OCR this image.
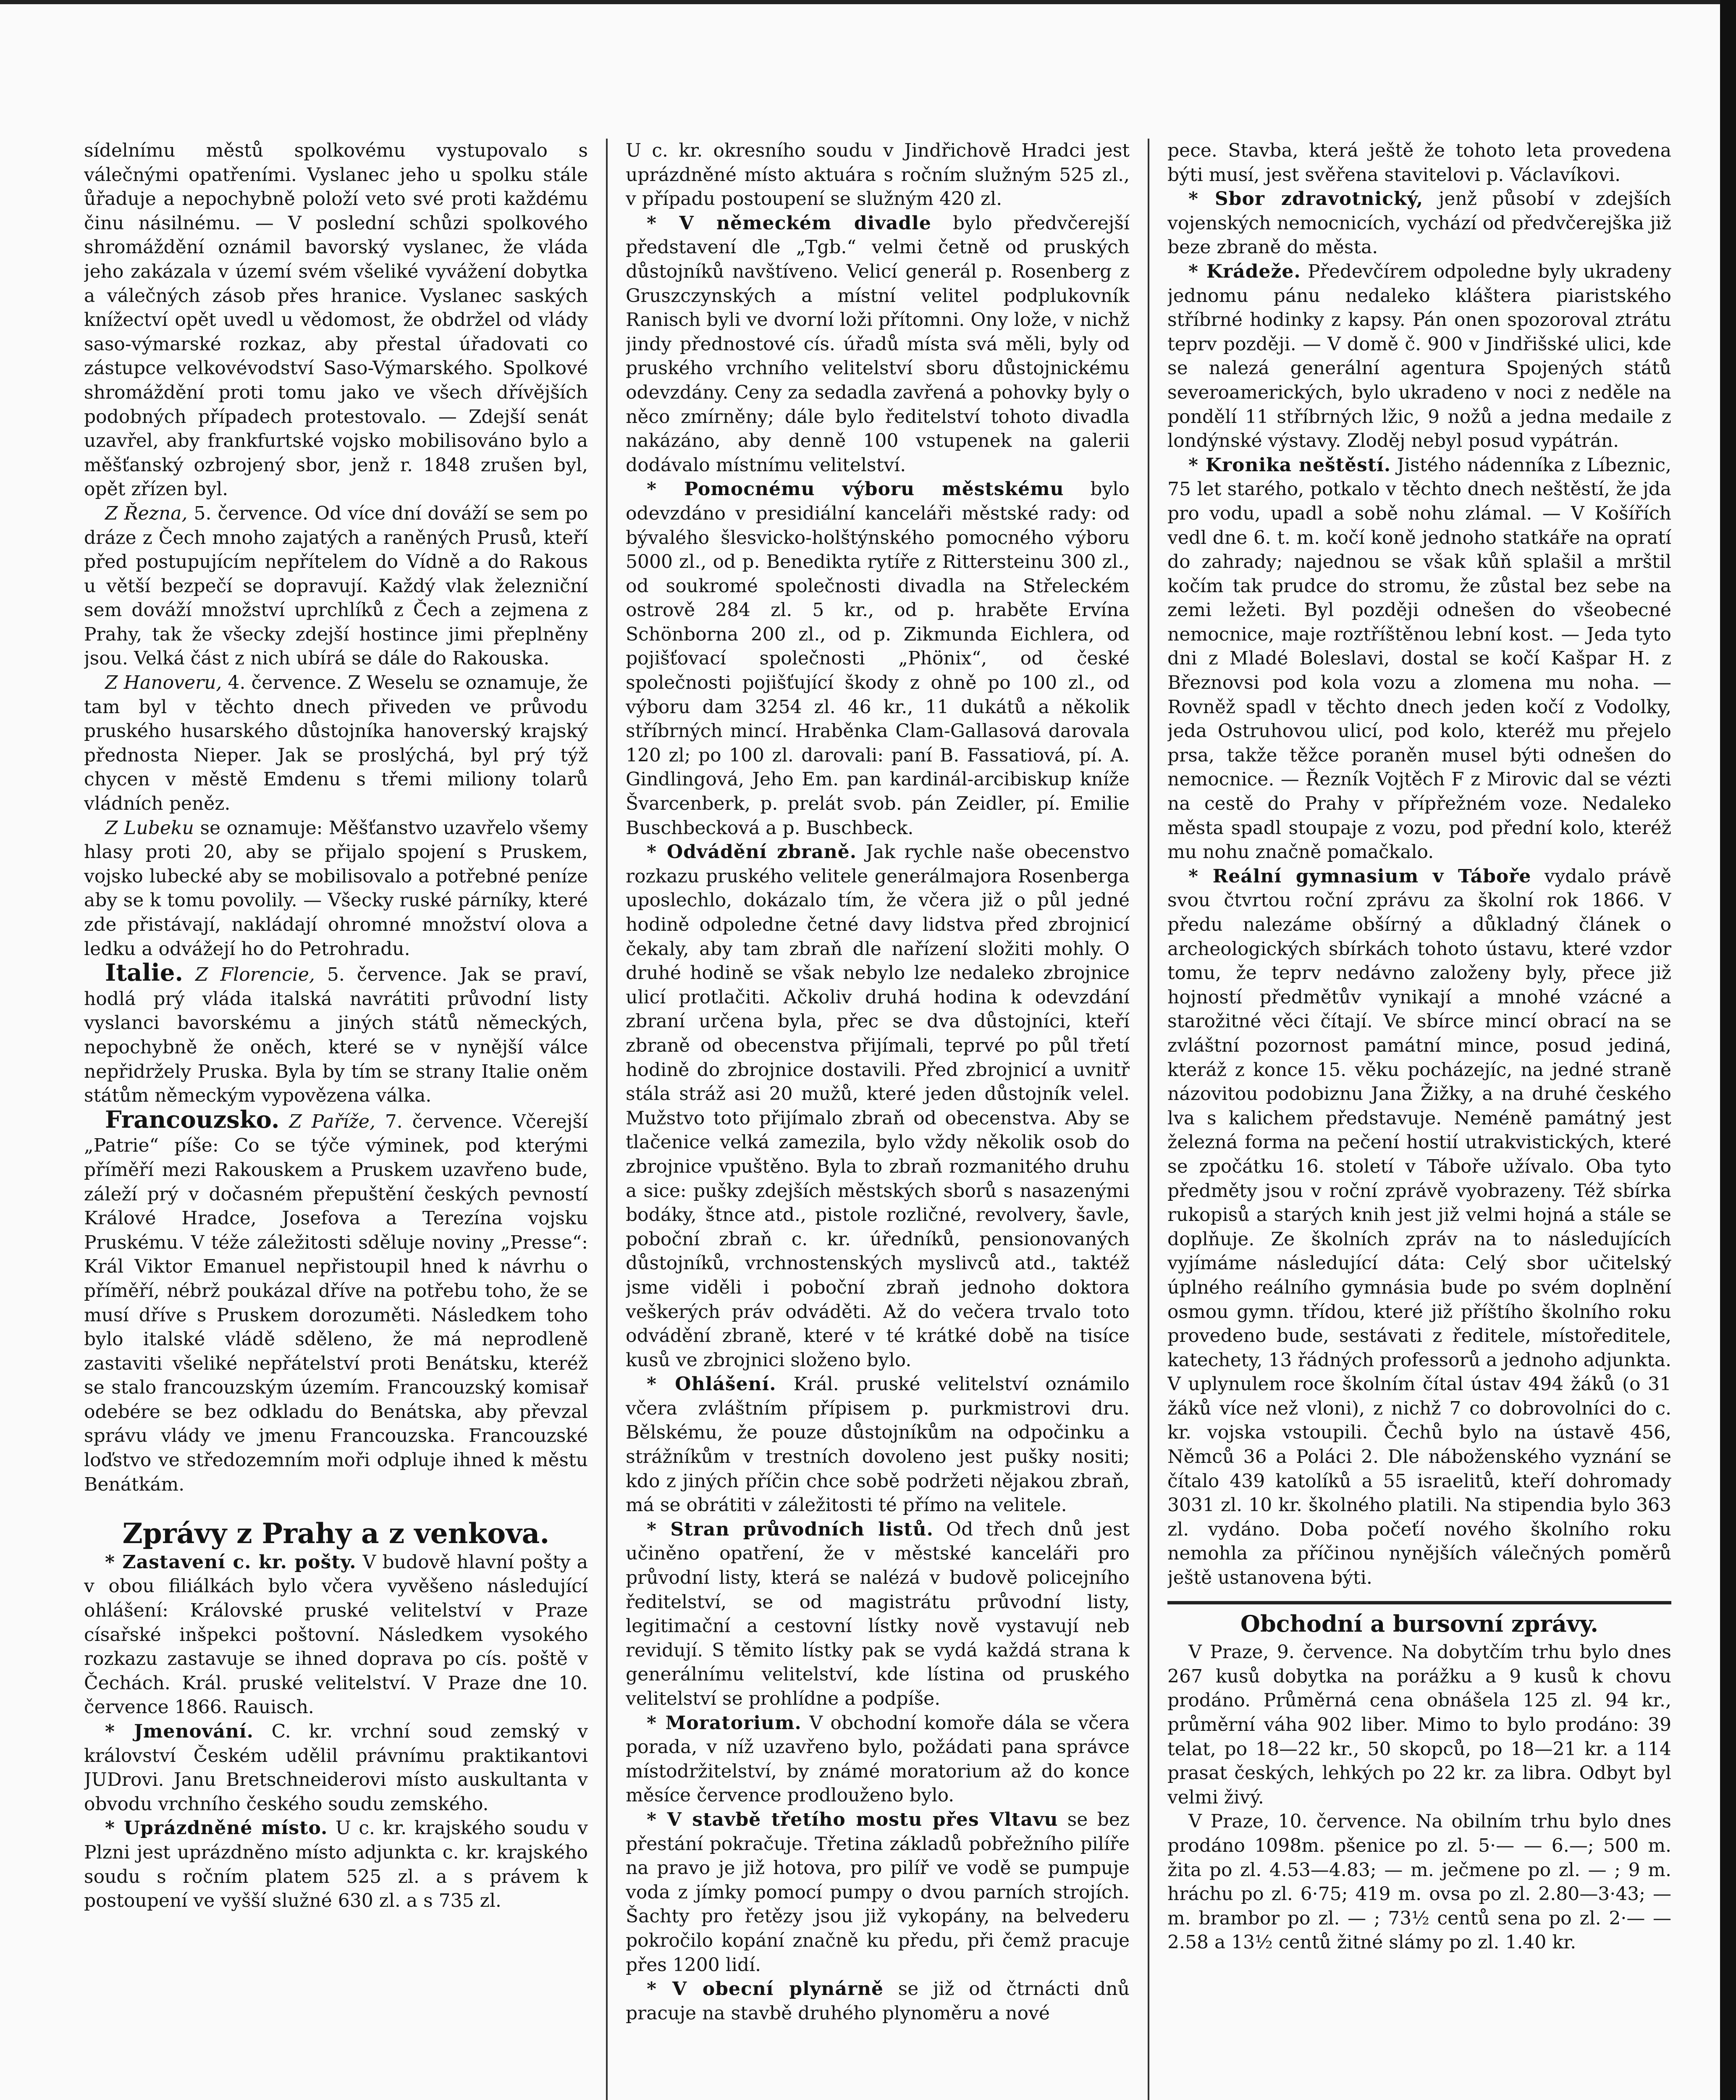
sídelnímu městů spolkovému vystupovalo s válečnými opatřeními. Vyslanec jeho u spolku stále ůřaduje a nepochybně položí veto své proti každému činu násilnému. — V poslední schůzi spolkového shromáždění oznámil bavorský vyslanec, že vláda jeho zakázala v území svém všeliké vyvážení dobytka a válečných zásob přes hranice. Vyslanec saských knížectví opět uvedl u vědomost, že obdržel od vlády saso-výmarské rozkaz, aby přestal úřadovati co zástupce velkovévodství Saso-Výmarského. Spolkové shromáždění proti tomu jako ve všech dřívějších podobných případech protestovalo. — Zdejší senát uzavřel, aby frankfurtské vojsko mobilisováno bylo a měšťanský ozbrojený sbor, jenž r. 1848 zrušen byl, opět zřízen byl.

Z Řezna, 5. července. Od více dní dováží se sem po dráze z Čech mnoho zajatých a raněných Prusů, kteří před postupujícím nepřítelem do Vídně a do Rakous u větší bezpečí se dopravují. Každý vlak železniční sem dováží množství uprchlíků z Čech a zejmena z Prahy, tak že všecky zdejší hostince jimi přeplněny jsou. Velká část z nich ubírá se dále do Rakouska.

Z Hanoveru, 4. července. Z Weselu se oznamuje, že tam byl v těchto dnech přiveden ve průvodu pruského husarského důstojníka hanoverský krajský přednosta Nieper. Jak se proslýchá, byl prý týž chycen v městě Emdenu s třemi miliony tolarů vládních peněz.

Z Lubeku se oznamuje: Měšťanstvo uzavřelo všemy hlasy proti 20, aby se přijalo spojení s Pruskem, vojsko lubecké aby se mobilisovalo a potřebné peníze aby se k tomu povolily. — Všecky ruské párníky, které zde přistávají, nakládají ohromné množství olova a ledku a odvážejí ho do Petrohradu.

Italie. Z Florencie, 5. července. Jak se praví, hodlá prý vláda italská navrátiti průvodní listy vyslanci bavorskému a jiných států německých, nepochybně že oněch, které se v nynější válce nepřidržely Pruska. Byla by tím se strany Italie oněm státům německým vypovězena válka.

Francouzsko. Z Paříže, 7. července. Včerejší „Patrie“ píše: Co se týče výminek, pod kterými příměří mezi Rakouskem a Pruskem uzavřeno bude, záleží prý v dočasném přepuštění českých pevností Králové Hradce, Josefova a Terezína vojsku Pruskému. V téže záležitosti sděluje noviny „Presse“: Král Viktor Emanuel nepřistoupil hned k návrhu o příměří, nébrž poukázal dříve na potřebu toho, že se musí dříve s Pruskem dorozuměti. Následkem toho bylo italské vládě sděleno, že má neprodleně zastaviti všeliké nepřátelství proti Benátsku, kteréž se stalo francouzským územím. Francouzský komisař odebére se bez odkladu do Benátska, aby převzal správu vlády ve jmenu Francouzska. Francouzské loďstvo ve středozemním moři odpluje ihned k městu Benátkám.

Zprávy z Prahy a z venkova.

* Zastavení c. kr. pošty. V budově hlavní pošty a v obou filiálkách bylo včera vyvěšeno následující ohlášení: Královské pruské velitelství v Praze císařské inšpekci poštovní. Následkem vysokého rozkazu zastavuje se ihned doprava po cís. poště v Čechách. Král. pruské velitelství. V Praze dne 10. července 1866. Rauisch.

* Jmenování. C. kr. vrchní soud zemský v království Českém udělil právnímu praktikantovi JUDrovi. Janu Bretschneiderovi místo auskultanta v obvodu vrchního českého soudu zemského.

* Uprázdněné místo. U c. kr. krajského soudu v Plzni jest uprázdněno místo adjunkta c. kr. krajského soudu s ročním platem 525 zl. a s právem k postoupení ve vyšší služné 630 zl. a s 735 zl.

U c. kr. okresního soudu v Jindřichově Hradci jest uprázdněné místo aktuára s ročním služným 525 zl., v případu postoupení se služným 420 zl.

* V německém divadle bylo předvčerejší představení dle „Tgb.“ velmi četně od pruských důstojníků navštíveno. Velicí generál p. Rosenberg z Gruszczynských a místní velitel podplukovník Ranisch byli ve dvorní loži přítomni. Ony lože, v nichž jindy přednostové cís. úřadů místa svá měli, byly od pruského vrchního velitelství sboru důstojnickému odevzdány. Ceny za sedadla zavřená a pohovky byly o něco zmírněny; dále bylo ředitelství tohoto divadla nakázáno, aby denně 100 vstupenek na galerii dodávalo místnímu velitelství.

* Pomocnému výboru městskému bylo odevzdáno v presidiální kanceláři městské rady: od bývalého šlesvicko-holštýnského pomocného výboru 5000 zl., od p. Benedikta rytíře z Rittersteinu 300 zl., od soukromé společnosti divadla na Střeleckém ostrově 284 zl. 5 kr., od p. hraběte Ervína Schönborna 200 zl., od p. Zikmunda Eichlera, od pojišťovací společnosti „Phönix“, od české společnosti pojišťující škody z ohně po 100 zl., od výboru dam 3254 zl. 46 kr., 11 dukátů a několik stříbrných mincí. Hraběnka Clam-Gallasová darovala 120 zl; po 100 zl. darovali: paní B. Fassatiová, pí. A. Gindlingová, Jeho Em. pan kardinál-arcibiskup kníže Švarcenberk, p. prelát svob. pán Zeidler, pí. Emilie Buschbecková a p. Buschbeck.

* Odvádění zbraně. Jak rychle naše obecenstvo rozkazu pruského velitele generálmajora Rosenberga uposlechlo, dokázalo tím, že včera již o půl jedné hodině odpoledne četné davy lidstva před zbrojnicí čekaly, aby tam zbraň dle nařízení složiti mohly. O druhé hodině se však nebylo lze nedaleko zbrojnice ulicí protlačiti. Ačkoliv druhá hodina k odevzdání zbraní určena byla, přec se dva důstojníci, kteří zbraně od obecenstva přijímali, teprvé po půl třetí hodině do zbrojnice dostavili. Před zbrojnicí a uvnitř stála stráž asi 20 mužů, které jeden důstojník velel. Mužstvo toto přijímalo zbraň od obecenstva. Aby se tlačenice velká zamezila, bylo vždy několik osob do zbrojnice vpuštěno. Byla to zbraň rozmanitého druhu a sice: pušky zdejších městských sborů s nasazenými bodáky, štnce atd., pistole rozličné, revolvery, šavle, poboční zbraň c. kr. úředníků, pensionovaných důstojníků, vrchnostenských myslivců atd., taktéž jsme viděli i poboční zbraň jednoho doktora veškerých práv odváděti. Až do večera trvalo toto odvádění zbraně, které v té krátké době na tisíce kusů ve zbrojnici složeno bylo.

* Ohlášení. Král. pruské velitelství oznámilo včera zvláštním přípisem p. purkmistrovi dru. Bělskému, že pouze důstojníkům na odpočinku a strážníkům v trestních dovoleno jest pušky nositi; kdo z jiných příčin chce sobě podržeti nějakou zbraň, má se obrátiti v záležitosti té přímo na velitele.

* Stran průvodních listů. Od třech dnů jest učiněno opatření, že v městské kanceláři pro průvodní listy, která se nalézá v budově policejního ředitelství, se od magistrátu průvodní listy, legitimační a cestovní lístky nově vystavují neb revidují. S těmito lístky pak se vydá každá strana k generálnímu velitelství, kde lístina od pruského velitelství se prohlídne a podpíše.

* Moratorium. V obchodní komoře dála se včera porada, v níž uzavřeno bylo, požádati pana správce místodržitelství, by známé moratorium až do konce měsíce července prodlouženo bylo.

* V stavbě třetího mostu přes Vltavu se bez přestání pokračuje. Třetina základů pobřežního pilíře na pravo je již hotova, pro pilíř ve vodě se pumpuje voda z jímky pomocí pumpy o dvou parních strojích. Šachty pro řetězy jsou již vykopány, na belvederu pokročilo kopání značně ku předu, při čemž pracuje přes 1200 lidí.

* V obecní plynárně se již od čtrnácti dnů pracuje na stavbě druhého plynoměru a nové

pece. Stavba, která ještě že tohoto leta provedena býti musí, jest svěřena stavitelovi p. Václavíkovi.

* Sbor zdravotnický, jenž působí v zdejších vojenských nemocnicích, vychází od předvčerejška již beze zbraně do města.

* Krádeže. Předevčírem odpoledne byly ukradeny jednomu pánu nedaleko kláštera piaristského stříbrné hodinky z kapsy. Pán onen spozoroval ztrátu teprv později. — V domě č. 900 v Jindřišské ulici, kde se nalezá generální agentura Spojených států severoamerických, bylo ukradeno v noci z neděle na pondělí 11 stříbrných lžic, 9 nožů a jedna medaile z londýnské výstavy. Zloděj nebyl posud vypátrán.

* Kronika neštěstí. Jistého nádenníka z Líbeznic, 75 let starého, potkalo v těchto dnech neštěstí, že jda pro vodu, upadl a sobě nohu zlámal. — V Košířích vedl dne 6. t. m. kočí koně jednoho statkáře na opratí do zahrady; najednou se však kůň splašil a mrštil kočím tak prudce do stromu, že zůstal bez sebe na zemi ležeti. Byl později odnešen do všeobecné nemocnice, maje roztříštěnou lební kost. — Jeda tyto dni z Mladé Boleslavi, dostal se kočí Kašpar H. z Březnovsi pod kola vozu a zlomena mu noha. — Rovněž spadl v těchto dnech jeden kočí z Vodolky, jeda Ostruhovou ulicí, pod kolo, kteréž mu přejelo prsa, takže těžce poraněn musel býti odnešen do nemocnice. — Řezník Vojtěch F z Mirovic dal se vézti na cestě do Prahy v přípřežném voze. Nedaleko města spadl stoupaje z vozu, pod přední kolo, kteréž mu nohu značně pomačkalo.

* Reální gymnasium v Táboře vydalo právě svou čtvrtou roční zprávu za školní rok 1866. V předu nalezáme obšírný a důkladný článek o archeologických sbírkách tohoto ústavu, které vzdor tomu, že teprv nedávno založeny byly, přece již hojností předmětův vynikají a mnohé vzácné a starožitné věci čítají. Ve sbírce mincí obrací na se zvláštní pozornost památní mince, posud jediná, kteráž z konce 15. věku pocházejíc, na jedné straně názovitou podobiznu Jana Žižky, a na druhé českého lva s kalichem představuje. Neméně památný jest železná forma na pečení hostií utrakvistických, které se zpočátku 16. století v Táboře užívalo. Oba tyto předměty jsou v roční zprávě vyobrazeny. Též sbírka rukopisů a starých knih jest již velmi hojná a stále se doplňuje. Ze školních zpráv na to následujících vyjímáme následující dáta: Celý sbor učitelský úplného reálního gymnásia bude po svém doplnění osmou gymn. třídou, které již příštího školního roku provedeno bude, sestávati z ředitele, místoředitele, katechety, 13 řádných professorů a jednoho adjunkta. V uplynulem roce školním čítal ústav 494 žáků (o 31 žáků více než vloni), z nichž 7 co dobrovolníci do c. kr. vojska vstoupili. Čechů bylo na ústavě 456, Němců 36 a Poláci 2. Dle náboženského vyznání se čítalo 439 katolíků a 55 israelitů, kteří dohromady 3031 zl. 10 kr. školného platili. Na stipendia bylo 363 zl. vydáno. Doba počeťí nového školního roku nemohla za příčinou nynějších válečných poměrů ještě ustanovena býti.

Obchodní a bursovní zprávy.

V Praze, 9. července. Na dobytčím trhu bylo dnes 267 kusů dobytka na porážku a 9 kusů k chovu prodáno. Průměrná cena obnášela 125 zl. 94 kr., průměrní váha 902 liber. Mimo to bylo prodáno: 39 telat, po 18—22 kr., 50 skopců, po 18—21 kr. a 114 prasat českých, lehkých po 22 kr. za libra. Odbyt byl velmi živý.

V Praze, 10. července. Na obilním trhu bylo dnes prodáno 1098m. pšenice po zl. 5·— — 6.—; 500 m. žita po zl. 4.53—4.83; — m. ječmene po zl. — ; 9 m. hráchu po zl. 6·75; 419 m. ovsa po zl. 2.80—3·43; — m. brambor po zl. — ; 73½ centů sena po zl. 2·— —2.58 a 13½ centů žitné slámy po zl. 1.40 kr.
